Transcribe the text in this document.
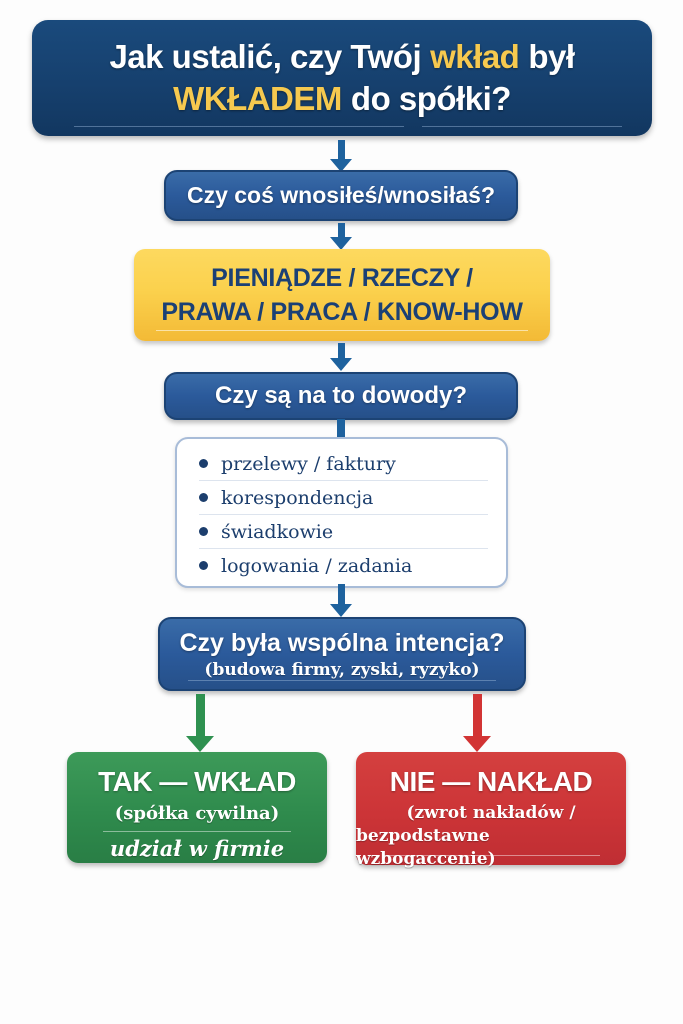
Jak ustalić, czy Twój wkład był
WKŁADEM do spółki?
Czy coś wnosiłeś/wnosiłaś?
PIENIĄDZE / RZECZY /
PRAWA / PRACA / KNOW-HOW
Czy są na to dowody?
przelewy / faktury
korespondencja
świadkowie
logowania / zadania
Czy była wspólna intencja?
(budowa firmy, zyski, ryzyko)
TAK — WKŁAD
(spółka cywilna)
udział w firmie
NIE — NAKŁAD
(zwrot nakładów /
bezpodstawne wzbogaccenie)
